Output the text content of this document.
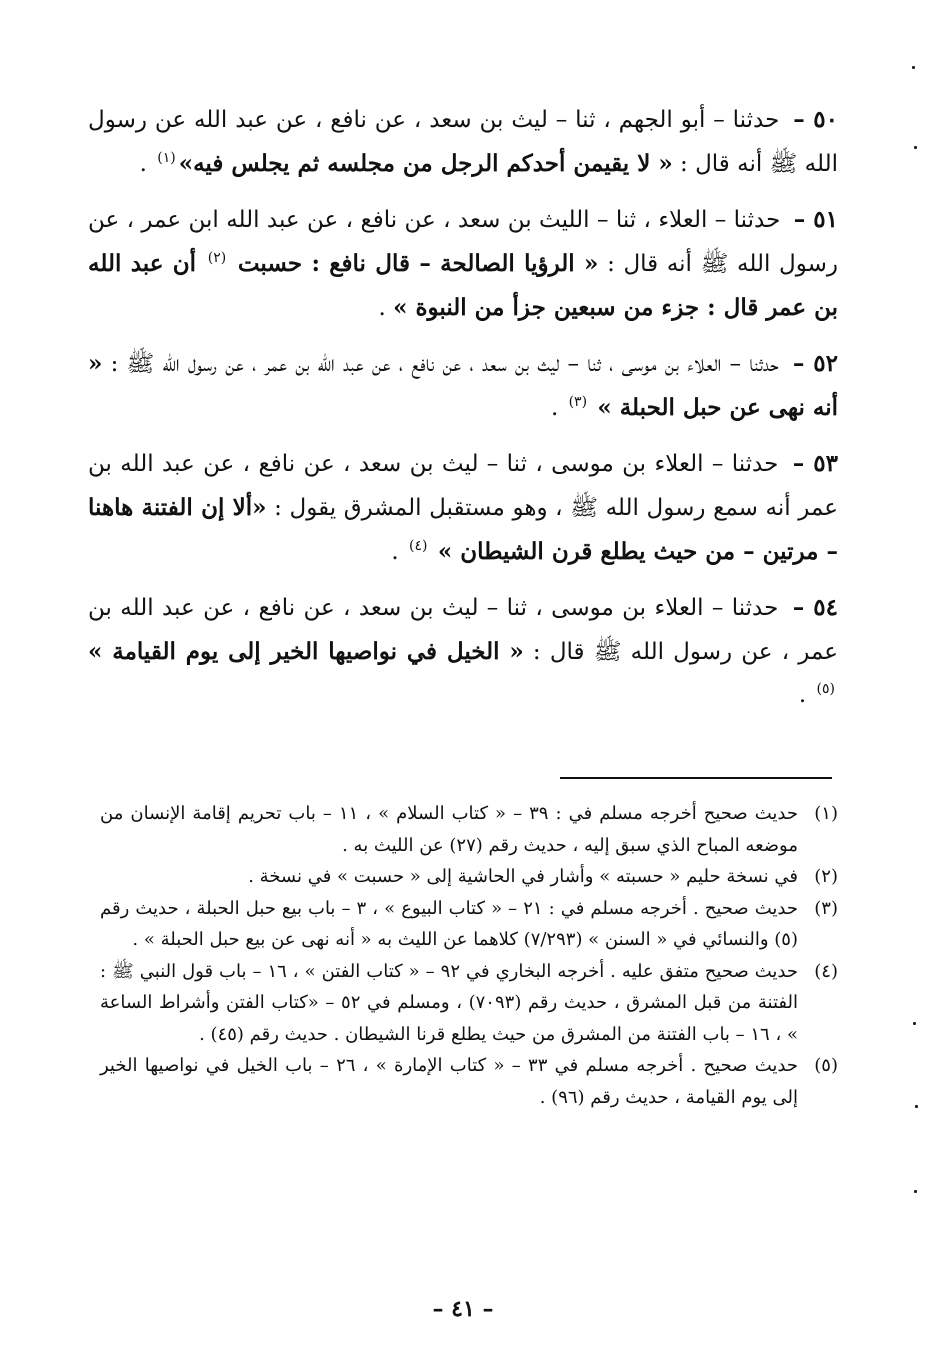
٥٠ – حدثنا – أبو الجهم ، ثنا – ليث بن سعد ، عن نافع ، عن عبد الله عن رسول الله ﷺ أنه قال : « لا يقيمن أحدكم الرجل من مجلسه ثم يجلس فيه»$^{(١)}$ .

٥١ – حدثنا – العلاء ، ثنا – الليث بن سعد ، عن نافع ، عن عبد الله ابن عمر ، عن رسول الله ﷺ أنه قال : « الرؤيا الصالحة – قال نافع : حسبت $^{(٢)}$ أن عبد الله بن عمر قال : جزء من سبعين جزأ من النبوة » .

٥٢ – حدثنا – العلاء بن موسى ، ثنا – ليث بن سعد ، عن نافع ، عن عبد الله بن عمر ، عن رسول الله ﷺ : « أنه نهى عن حبل الحبلة » $^{(٣)}$ .

٥٣ – حدثنا – العلاء بن موسى ، ثنا – ليث بن سعد ، عن نافع ، عن عبد الله بن عمر أنه سمع رسول الله ﷺ ، وهو مستقبل المشرق يقول : «ألا إن الفتنة هاهنا – مرتين – من حيث يطلع قرن الشيطان » $^{(٤)}$ .

٥٤ – حدثنا – العلاء بن موسى ، ثنا – ليث بن سعد ، عن نافع ، عن عبد الله بن عمر ، عن رسول الله ﷺ قال : « الخيل في نواصيها الخير إلى يوم القيامة » $^{(٥)}$ .

(١)
حديث صحيح أخرجه مسلم في : ٣٩ – « كتاب السلام » ، ١١ – باب تحريم إقامة الإنسان من موضعه المباح الذي سبق إليه ، حديث رقم (٢٧) عن الليث به .

(٢)
في نسخة حليم « حسبته » وأشار في الحاشية إلى « حسبت » في نسخة .

(٣)
حديث صحيح . أخرجه مسلم في : ٢١ – « كتاب البيوع » ، ٣ – باب بيع حبل الحبلة ، حديث رقم (٥) والنسائي في « السنن » (٧/٢٩٣) كلاهما عن الليث به « أنه نهى عن بيع حبل الحبلة » .

(٤)
حديث صحيح متفق عليه . أخرجه البخاري في ٩٢ – « كتاب الفتن » ، ١٦ – باب قول النبي ﷺ : الفتنة من قبل المشرق ، حديث رقم (٧٠٩٣) ، ومسلم في ٥٢ – «كتاب الفتن وأشراط الساعة » ، ١٦ – باب الفتنة من المشرق من حيث يطلع قرنا الشيطان . حديث رقم (٤٥) .

(٥)
حديث صحيح . أخرجه مسلم في ٣٣ – « كتاب الإمارة » ، ٢٦ – باب الخيل في نواصيها الخير إلى يوم القيامة ، حديث رقم (٩٦) .

– ٤١ –
